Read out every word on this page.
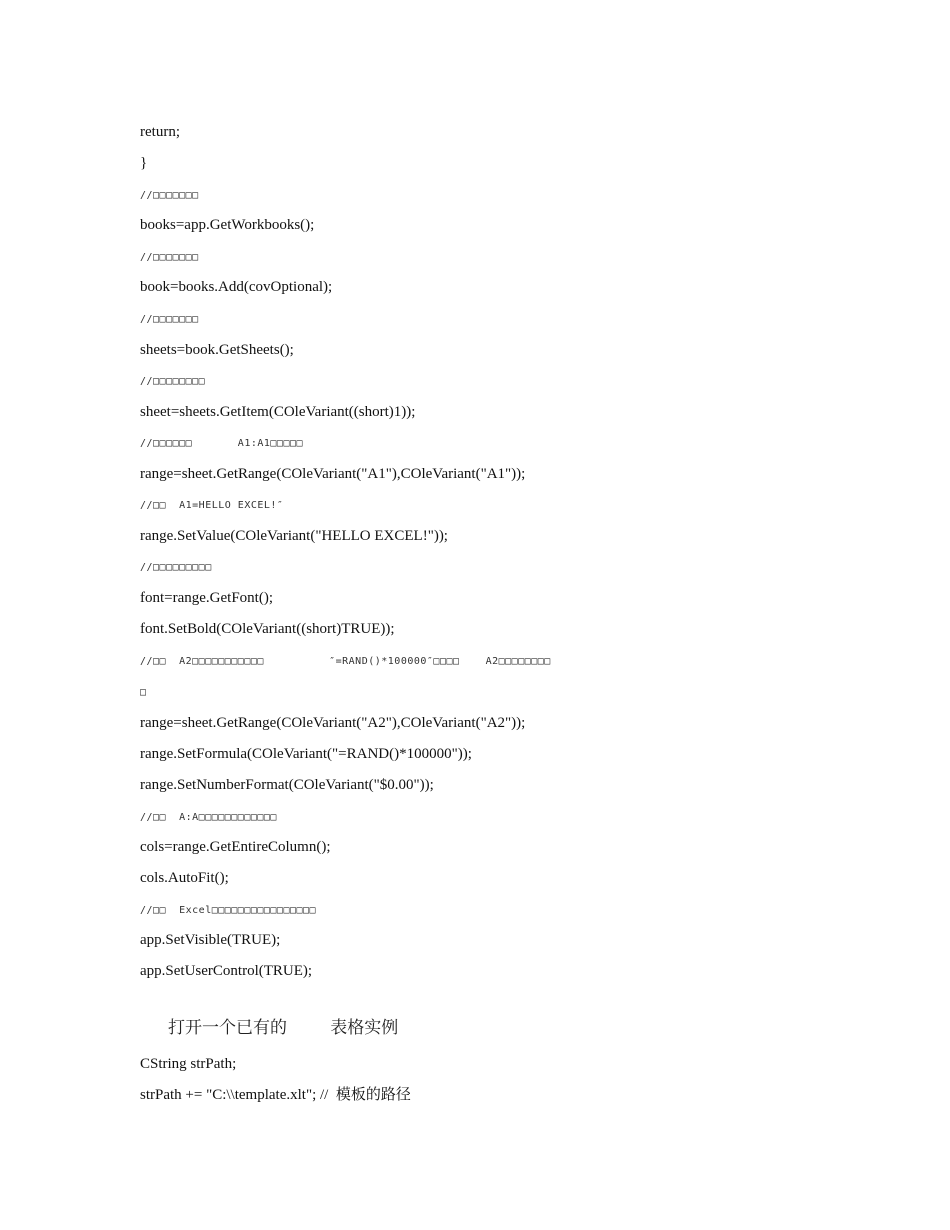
return;
}
//□□□□□□□
books=app.GetWorkbooks();
//□□□□□□□
book=books.Add(covOptional);
//□□□□□□□
sheets=book.GetSheets();
//□□□□□□□□
sheet=sheets.GetItem(COleVariant((short)1));
//□□□□□□       A1:A1□□□□□
range=sheet.GetRange(COleVariant("A1"),COleVariant("A1"));
//□□  A1=HELLO EXCEL!″
range.SetValue(COleVariant("HELLO EXCEL!"));
//□□□□□□□□□
font=range.GetFont();
font.SetBold(COleVariant((short)TRUE));
//□□  A2□□□□□□□□□□□          ″=RAND()*100000″□□□□    A2□□□□□□□□
□
range=sheet.GetRange(COleVariant("A2"),COleVariant("A2"));
range.SetFormula(COleVariant("=RAND()*100000"));
range.SetNumberFormat(COleVariant("$0.00"));
//□□  A:A□□□□□□□□□□□□
cols=range.GetEntireColumn();
cols.AutoFit();
//□□  Excel□□□□□□□□□□□□□□□□
app.SetVisible(TRUE);
app.SetUserControl(TRUE);
打开一个已有的        表格实例
CString strPath;
strPath += "C:\\template.xlt"; //  模板的路径
